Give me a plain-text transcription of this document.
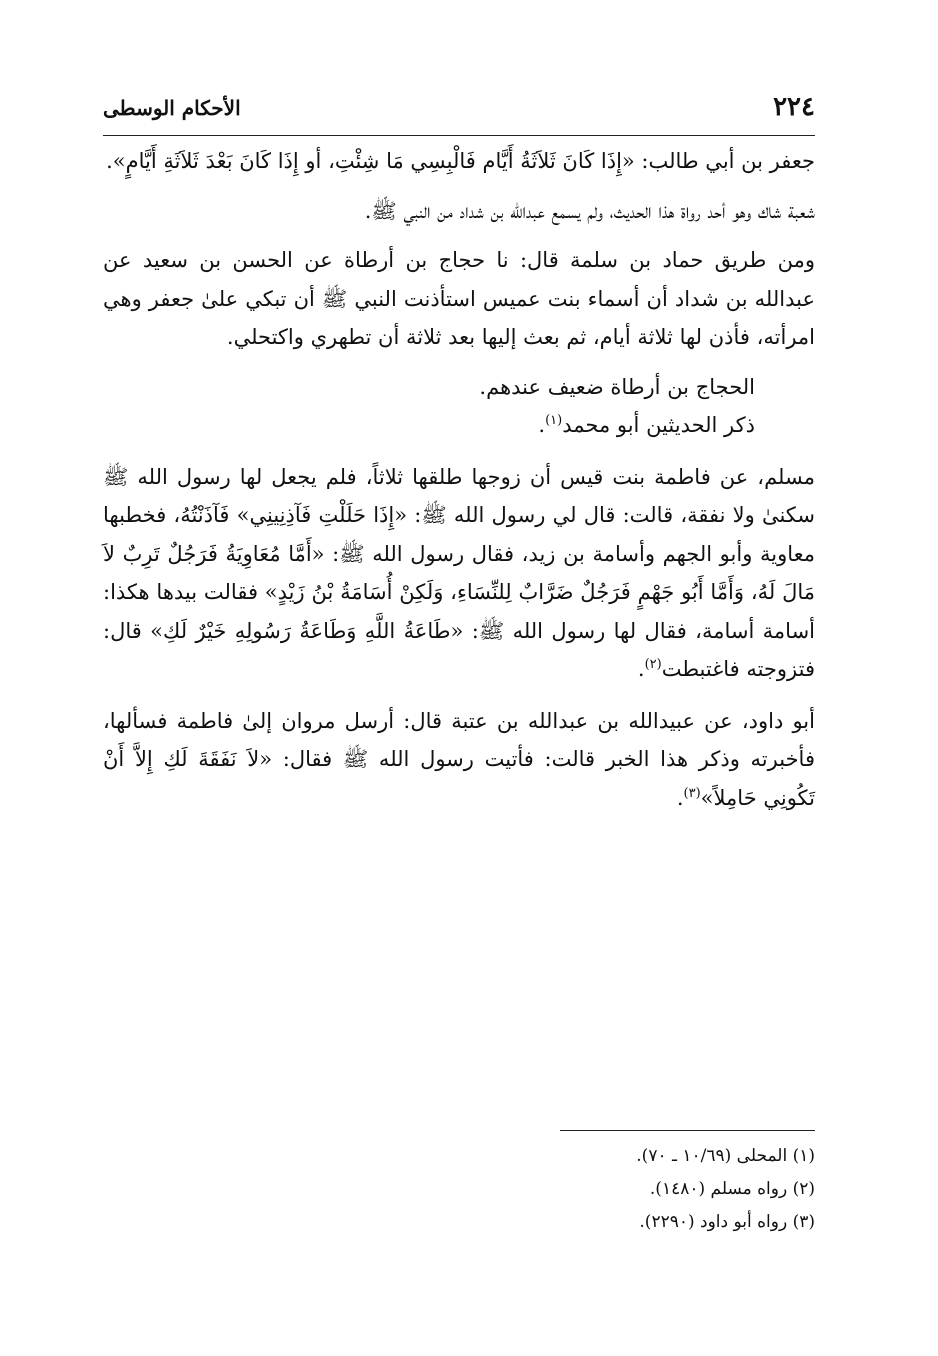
٢٢٤
الأحكام الوسطى

جعفر بن أبي طالب: «إِذَا كَانَ ثَلاَثَةُ أَيَّام فَالْبِسِي مَا شِئْتِ، أو إِذَا كَانَ بَعْدَ ثَلاَثَةِ أَيَّامٍ».

شعبة شاك وهو أحد رواة هذا الحديث، ولم يسمع عبدالله بن شداد من النبي ﷺ.

ومن طريق حماد بن سلمة قال: نا حجاج بن أرطاة عن الحسن بن سعيد عن عبدالله بن شداد أن أسماء بنت عميس استأذنت النبي ﷺ أن تبكي علىٰ جعفر وهي امرأته، فأذن لها ثلاثة أيام، ثم بعث إليها بعد ثلاثة أن تطهري واكتحلي.

الحجاج بن أرطاة ضعيف عندهم.

ذكر الحديثين أبو محمد$^{(١)}$.

مسلم، عن فاطمة بنت قيس أن زوجها طلقها ثلاثاً، فلم يجعل لها رسول الله ﷺ سكنىٰ ولا نفقة، قالت: قال لي رسول الله ﷺ: «إِذَا حَلَلْتِ فَآذِنِينِي» فَآذَنْتُهُ، فخطبها معاوية وأبو الجهم وأسامة بن زيد، فقال رسول الله ﷺ: «أَمَّا مُعَاوِيَةُ فَرَجُلٌ تَرِبٌ لاَ مَالَ لَهُ، وَأَمَّا أَبُو جَهْمٍ فَرَجُلٌ ضَرَّابٌ لِلنِّسَاءِ، وَلَكِنْ أُسَامَةُ بْنُ زَيْدٍ» فقالت بيدها هكذا: أسامة أسامة، فقال لها رسول الله ﷺ: «طَاعَةُ اللَّهِ وَطَاعَةُ رَسُولِهِ خَيْرٌ لَكِ» قال: فتزوجته فاغتبطت$^{(٢)}$.

أبو داود، عن عبيدالله بن عبدالله بن عتبة قال: أرسل مروان إلىٰ فاطمة فسألها، فأخبرته وذكر هذا الخبر قالت: فأتيت رسول الله ﷺ فقال: «لاَ نَفَقَةَ لَكِ إِلاَّ أَنْ تَكُونِي حَامِلاً»$^{(٣)}$.

(١) المحلى (١٠/٦٩ ـ ٧٠).

(٢) رواه مسلم (١٤٨٠).

(٣) رواه أبو داود (٢٢٩٠).
